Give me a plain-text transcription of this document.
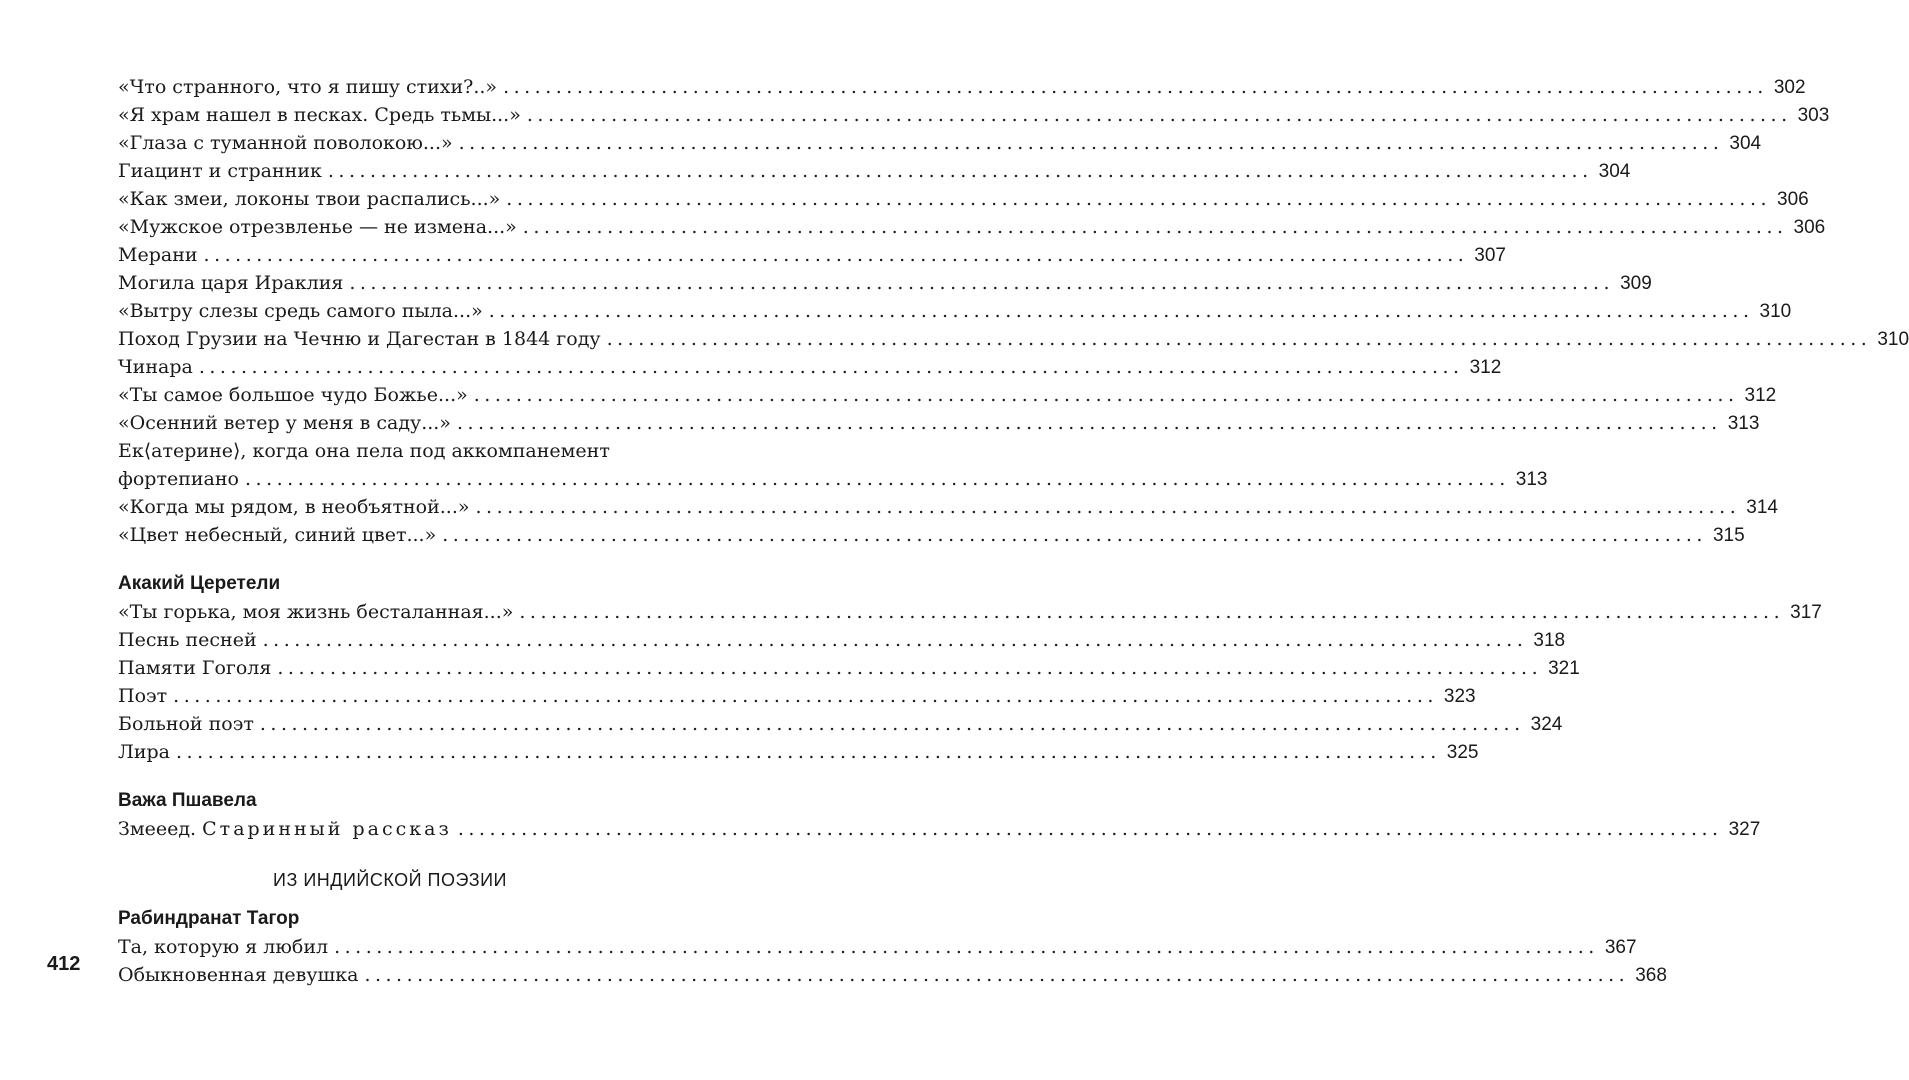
«Что странного, что я пишу стихи?..» ........................................................................................................................ 302
«Я храм нашел в песках. Средь тьмы...» ........................................................................................................................ 303
«Глаза с туманной поволокою...» ........................................................................................................................ 304
Гиацинт и странник ........................................................................................................................ 304
«Как змеи, локоны твои распались...» ........................................................................................................................ 306
«Мужское отрезвленье — не измена...» ........................................................................................................................ 306
Мерани ........................................................................................................................ 307
Могила царя Ираклия ........................................................................................................................ 309
«Вытру слезы средь самого пыла...» ........................................................................................................................ 310
Поход Грузии на Чечню и Дагестан в 1844 году ........................................................................................................................ 310
Чинара ........................................................................................................................ 312
«Ты самое большое чудо Божье...» ........................................................................................................................ 312
«Осенний ветер у меня в саду...» ........................................................................................................................ 313
Ек⟨атерине⟩, когда она пела под аккомпанемент
фортепиано ........................................................................................................................ 313
«Когда мы рядом, в необъятной...» ........................................................................................................................ 314
«Цвет небесный, синий цвет...» ........................................................................................................................ 315
Акакий Церетели
«Ты горька, моя жизнь бесталанная...» ........................................................................................................................ 317
Песнь песней ........................................................................................................................ 318
Памяти Гоголя ........................................................................................................................ 321
Поэт ........................................................................................................................ 323
Больной поэт ........................................................................................................................ 324
Лира ........................................................................................................................ 325
Важа Пшавела
Змееед. Старинный рассказ ........................................................................................................................ 327
ИЗ ИНДИЙСКОЙ ПОЭЗИИ
Рабиндранат Тагор
Та, которую я любил ........................................................................................................................ 367
Обыкновенная девушка ........................................................................................................................ 368
412
